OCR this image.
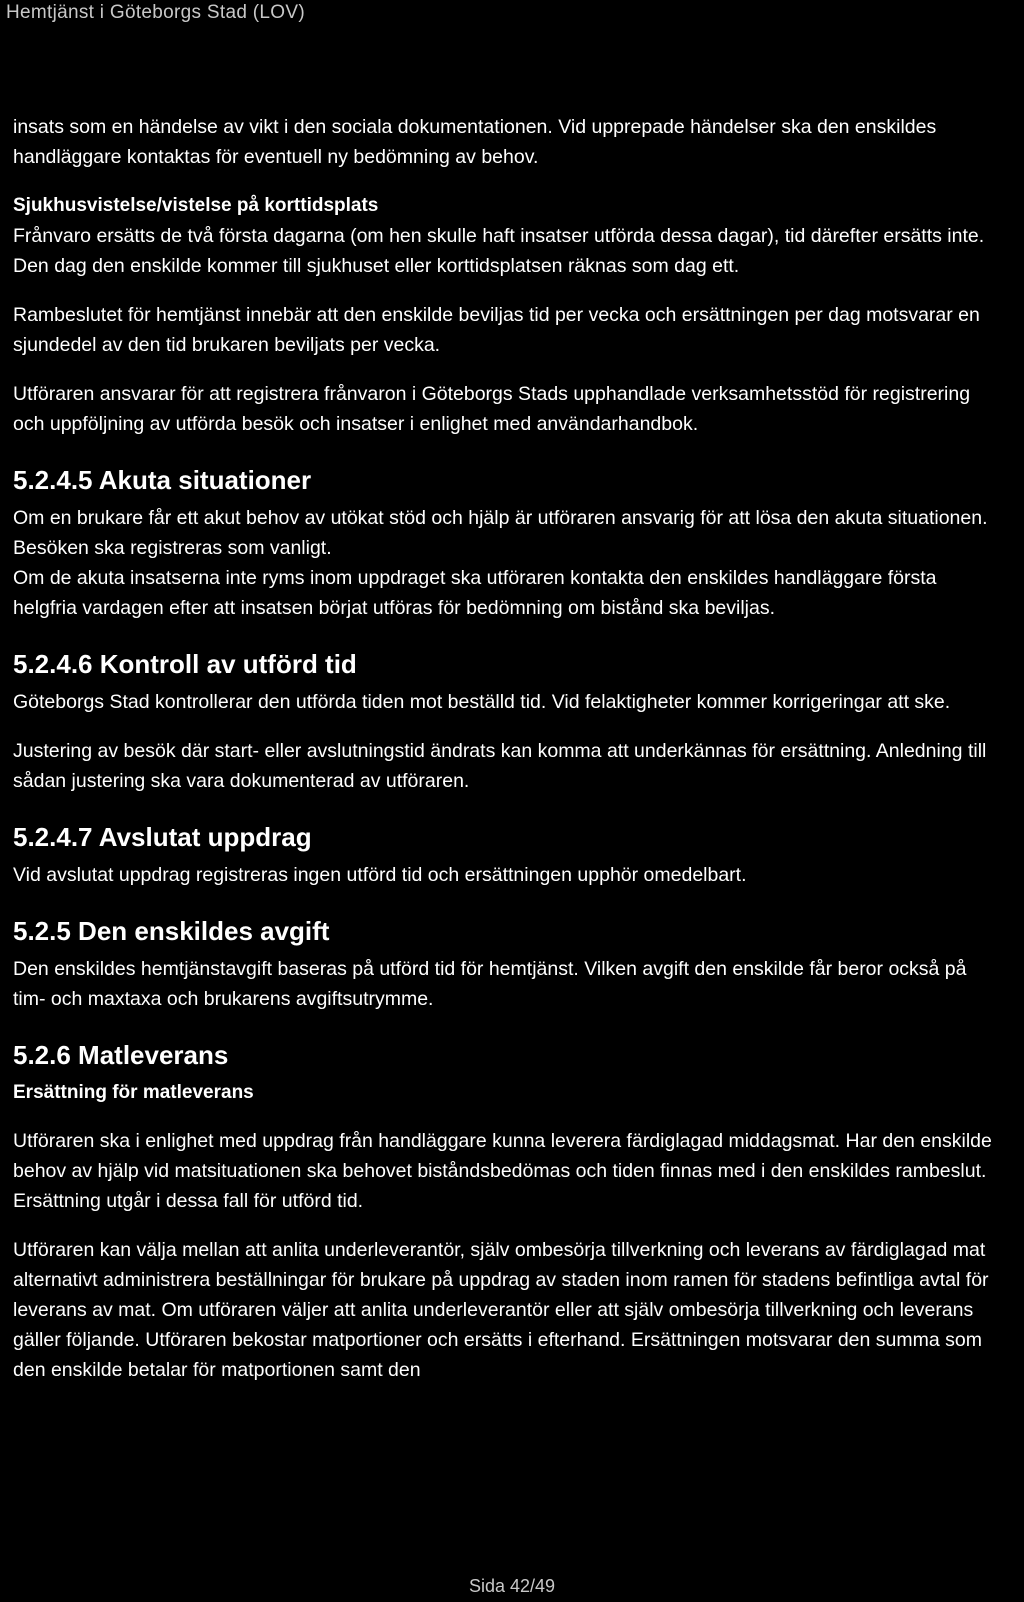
Hemtjänst i Göteborgs Stad (LOV)

insats som en händelse av vikt i den sociala dokumentationen. Vid upprepade händelser ska den enskildes handläggare kontaktas för eventuell ny bedömning av behov.

Sjukhusvistelse/vistelse på korttidsplats

Frånvaro ersätts de två första dagarna (om hen skulle haft insatser utförda dessa dagar), tid därefter ersätts inte. Den dag den enskilde kommer till sjukhuset eller korttidsplatsen räknas som dag ett.

Rambeslutet för hemtjänst innebär att den enskilde beviljas tid per vecka och ersättningen per dag motsvarar en sjundedel av den tid brukaren beviljats per vecka.

Utföraren ansvarar för att registrera frånvaron i Göteborgs Stads upphandlade verksamhetsstöd för registrering och uppföljning av utförda besök och insatser i enlighet med användarhandbok.

5.2.4.5 Akuta situationer

Om en brukare får ett akut behov av utökat stöd och hjälp är utföraren ansvarig för att lösa den akuta situationen. Besöken ska registreras som vanligt.

Om de akuta insatserna inte ryms inom uppdraget ska utföraren kontakta den enskildes handläggare första helgfria vardagen efter att insatsen börjat utföras för bedömning om bistånd ska beviljas.

5.2.4.6 Kontroll av utförd tid

Göteborgs Stad kontrollerar den utförda tiden mot beställd tid. Vid felaktigheter kommer korrigeringar att ske.

Justering av besök där start- eller avslutningstid ändrats kan komma att underkännas för ersättning. Anledning till sådan justering ska vara dokumenterad av utföraren.

5.2.4.7 Avslutat uppdrag

Vid avslutat uppdrag registreras ingen utförd tid och ersättningen upphör omedelbart.

5.2.5 Den enskildes avgift

Den enskildes hemtjänstavgift baseras på utförd tid för hemtjänst. Vilken avgift den enskilde får beror också på tim- och maxtaxa och brukarens avgiftsutrymme.

5.2.6 Matleverans

Ersättning för matleverans

Utföraren ska i enlighet med uppdrag från handläggare kunna leverera färdiglagad middagsmat. Har den enskilde behov av hjälp vid matsituationen ska behovet biståndsbedömas och tiden finnas med i den enskildes rambeslut. Ersättning utgår i dessa fall för utförd tid.

Utföraren kan välja mellan att anlita underleverantör, själv ombesörja tillverkning och leverans av färdiglagad mat alternativt administrera beställningar för brukare på uppdrag av staden inom ramen för stadens befintliga avtal för leverans av mat. Om utföraren väljer att anlita underleverantör eller att själv ombesörja tillverkning och leverans gäller följande. Utföraren bekostar matportioner och ersätts i efterhand. Ersättningen motsvarar den summa som den enskilde betalar för matportionen samt den

Sida 42/49
